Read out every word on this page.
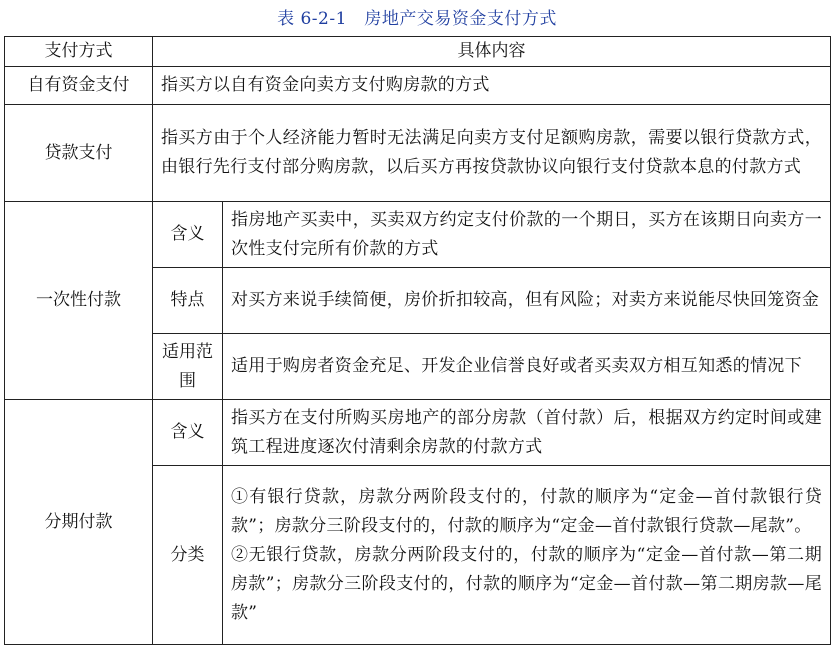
表 6-2-1　房地产交易资金支付方式
支付方式	具体内容	
自有资金支付	指买方以自有资金向卖方支付购房款的方式	
贷款支付	指买方由于个人经济能力暂时无法满足向卖方支付足额购房款，需要以银行贷款方式，由银行先行支付部分购房款，以后买方再按贷款协议向银行支付贷款本息的付款方式	
一次性付款	含义	指房地产买卖中，买卖双方约定支付价款的一个期日，买方在该期日向卖方一次性支付完所有价款的方式
	特点	对买方来说手续简便，房价折扣较高，但有风险；对卖方来说能尽快回笼资金
	适用范围	适用于购房者资金充足、开发企业信誉良好或者买卖双方相互知悉的情况下
分期付款	含义	指买方在支付所购买房地产的部分房款（首付款）后，根据双方约定时间或建筑工程进度逐次付清剩余房款的付款方式
	分类	①有银行贷款，房款分两阶段支付的，付款的顺序为“定金—首付款银行贷款”；房款分三阶段支付的，付款的顺序为“定金—首付款银行贷款—尾款”。
②无银行贷款，房款分两阶段支付的，付款的顺序为“定金—首付款—第二期房款”；房款分三阶段支付的，付款的顺序为“定金—首付款—第二期房款—尾款”
